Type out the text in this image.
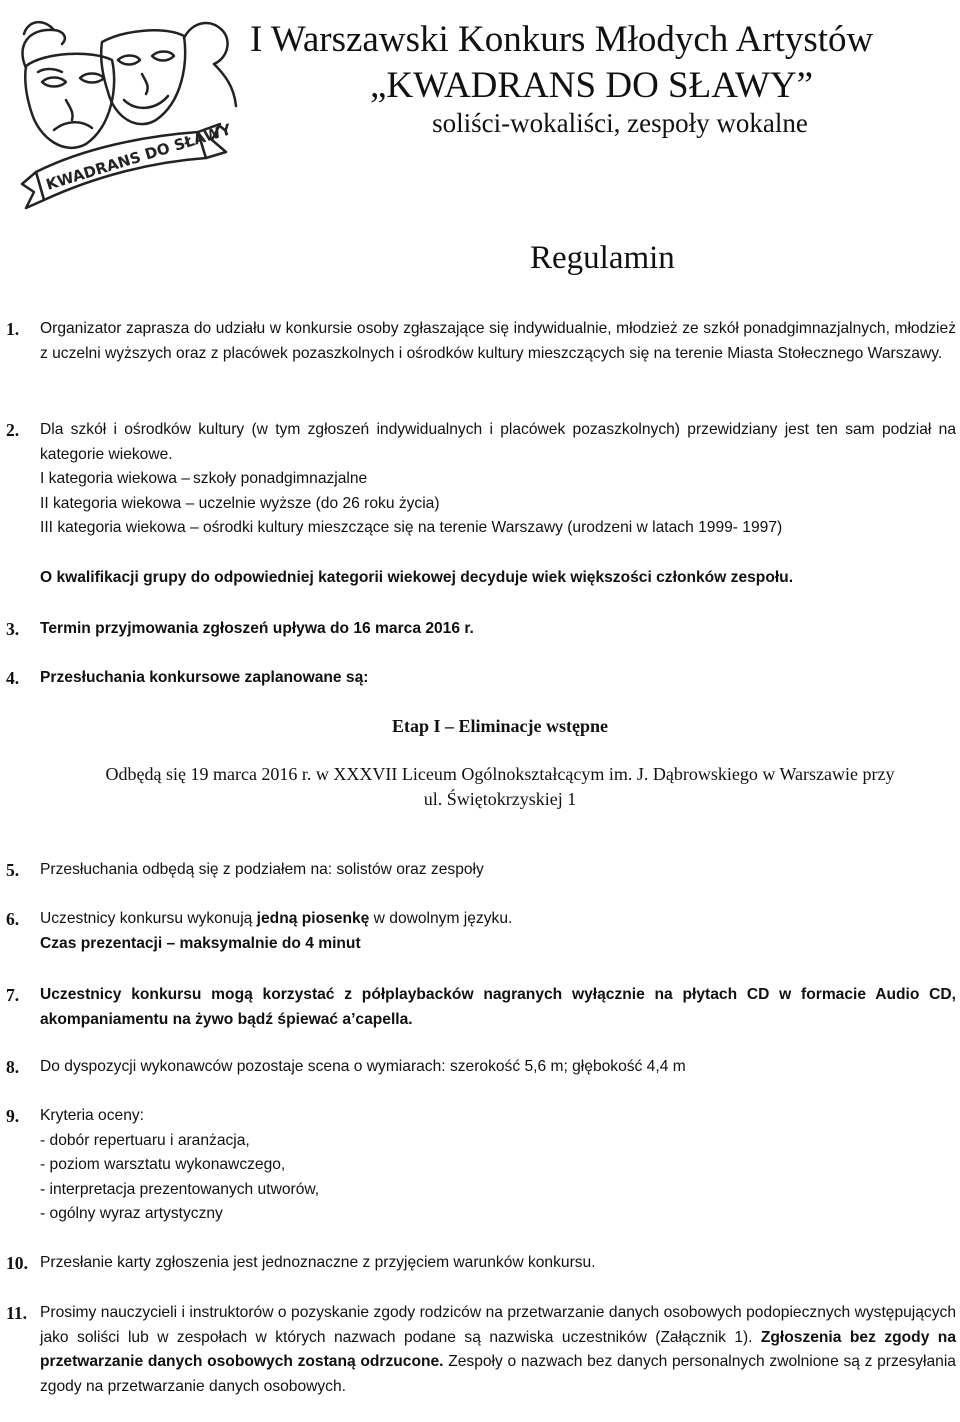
KWADRANS DO SŁAWY
I Warszawski Konkurs Młodych Artystów
„KWADRANS DO SŁAWY”
soliści-wokaliści, zespoły wokalne
Regulamin
1. Organizator zaprasza do udziału w konkursie osoby zgłaszające się indywidualnie, młodzież ze szkół ponadgimnazjalnych, młodzież z uczelni wyższych oraz z placówek pozaszkolnych i ośrodków kultury mieszczących się na terenie Miasta Stołecznego Warszawy.
2. Dla szkół i ośrodków kultury (w tym zgłoszeń indywidualnych i placówek pozaszkolnych) przewidziany jest ten sam podział na kategorie wiekowe.
I kategoria wiekowa – szkoły ponadgimnazjalne
II kategoria wiekowa – uczelnie wyższe (do 26 roku życia)
III kategoria wiekowa – ośrodki kultury mieszczące się na terenie Warszawy (urodzeni w latach 1999- 1997)
O kwalifikacji grupy do odpowiedniej kategorii wiekowej decyduje wiek większości członków zespołu.
3. Termin przyjmowania zgłoszeń upływa do 16 marca 2016 r.
4. Przesłuchania konkursowe zaplanowane są:
Etap I – Eliminacje wstępne
Odbędą się 19 marca 2016 r. w XXXVII Liceum Ogólnokształcącym im. J. Dąbrowskiego w Warszawie przy
ul. Świętokrzyskiej 1
5. Przesłuchania odbędą się z podziałem na: solistów oraz zespoły
6. Uczestnicy konkursu wykonują jedną piosenkę w dowolnym języku.
Czas prezentacji – maksymalnie do 4 minut
7. Uczestnicy konkursu mogą korzystać z półplaybacków nagranych wyłącznie na płytach CD w formacie Audio CD, akompaniamentu na żywo bądź śpiewać a’capella.
8. Do dyspozycji wykonawców pozostaje scena o wymiarach: szerokość 5,6 m; głębokość 4,4 m
9. Kryteria oceny:
- dobór repertuaru i aranżacja,
- poziom warsztatu wykonawczego,
- interpretacja prezentowanych utworów,
- ogólny wyraz artystyczny
10. Przesłanie karty zgłoszenia jest jednoznaczne z przyjęciem warunków konkursu.
11. Prosimy nauczycieli i instruktorów o pozyskanie zgody rodziców na przetwarzanie danych osobowych podopiecznych występujących jako soliści lub w zespołach w których nazwach podane są nazwiska uczestników (Załącznik 1). Zgłoszenia bez zgody na przetwarzanie danych osobowych zostaną odrzucone. Zespoły o nazwach bez danych personalnych zwolnione są z przesyłania zgody na przetwarzanie danych osobowych.
